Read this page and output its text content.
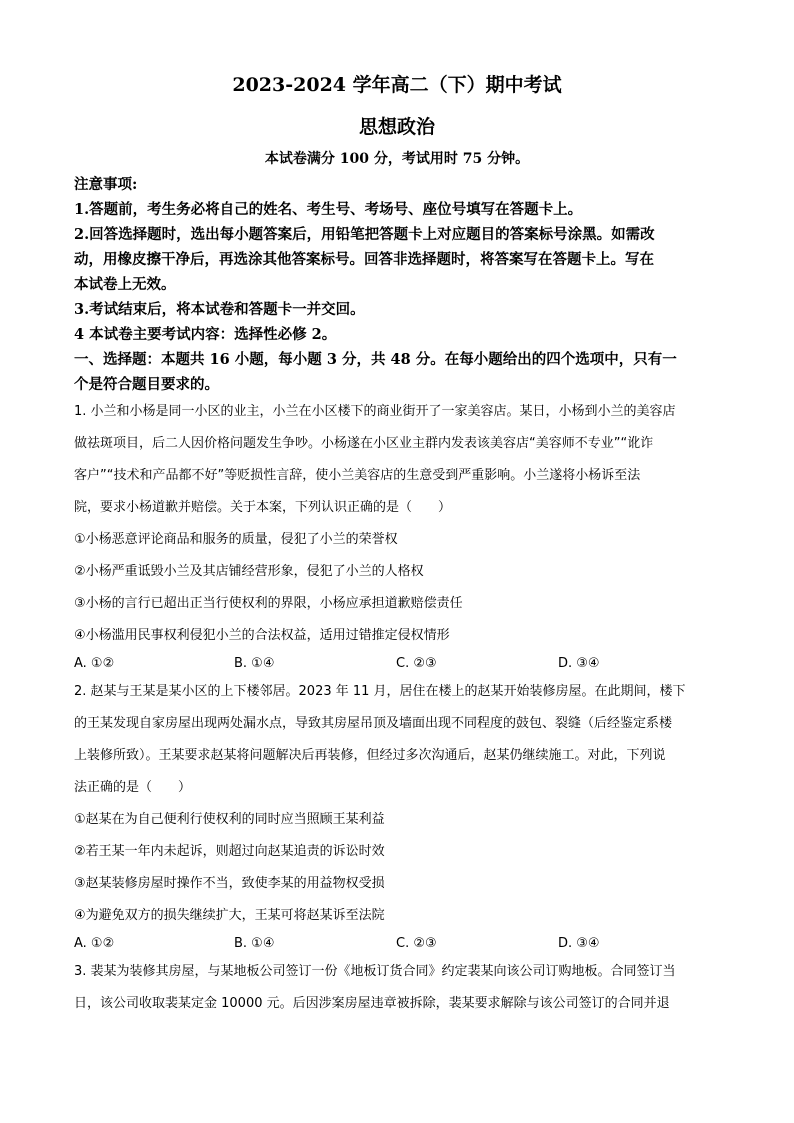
2023-2024 学年高二（下）期中考试
思想政治
本试卷满分 100 分，考试用时 75 分钟。
注意事项:
1.答题前，考生务必将自己的姓名、考生号、考场号、座位号填写在答题卡上。
2.回答选择题时，选出每小题答案后，用铅笔把答题卡上对应题目的答案标号涂黑。如需改
动，用橡皮擦干净后，再选涂其他答案标号。回答非选择题时，将答案写在答题卡上。写在
本试卷上无效。
3.考试结束后，将本试卷和答题卡一并交回。
4 本试卷主要考试内容：选择性必修 2。
一、选择题：本题共 16 小题，每小题 3 分，共 48 分。在每小题给出的四个选项中，只有一
个是符合题目要求的。
1. 小兰和小杨是同一小区的业主，小兰在小区楼下的商业街开了一家美容店。某日，小杨到小兰的美容店
做祛斑项目，后二人因价格问题发生争吵。小杨遂在小区业主群内发表该美容店“美容师不专业”“讹诈
客户”“技术和产品都不好”等贬损性言辞，使小兰美容店的生意受到严重影响。小兰遂将小杨诉至法
院，要求小杨道歉并赔偿。关于本案，下列认识正确的是（　　）
①小杨恶意评论商品和服务的质量，侵犯了小兰的荣誉权
②小杨严重诋毁小兰及其店铺经营形象，侵犯了小兰的人格权
③小杨的言行已超出正当行使权利的界限，小杨应承担道歉赔偿责任
④小杨滥用民事权利侵犯小兰的合法权益，适用过错推定侵权情形
A. ①②	B. ①④	C. ②③	D. ③④
2. 赵某与王某是某小区的上下楼邻居。2023 年 11 月，居住在楼上的赵某开始装修房屋。在此期间，楼下
的王某发现自家房屋出现两处漏水点，导致其房屋吊顶及墙面出现不同程度的鼓包、裂缝（后经鉴定系楼
上装修所致）。王某要求赵某将问题解决后再装修，但经过多次沟通后，赵某仍继续施工。对此，下列说
法正确的是（　　）
①赵某在为自己便利行使权利的同时应当照顾王某利益
②若王某一年内未起诉，则超过向赵某追责的诉讼时效
③赵某装修房屋时操作不当，致使李某的用益物权受损
④为避免双方的损失继续扩大，王某可将赵某诉至法院
A. ①②	B. ①④	C. ②③	D. ③④
3. 裴某为装修其房屋，与某地板公司签订一份《地板订货合同》约定裴某向该公司订购地板。合同签订当
日，该公司收取裴某定金 10000 元。后因涉案房屋违章被拆除，裴某要求解除与该公司签订的合同并退
